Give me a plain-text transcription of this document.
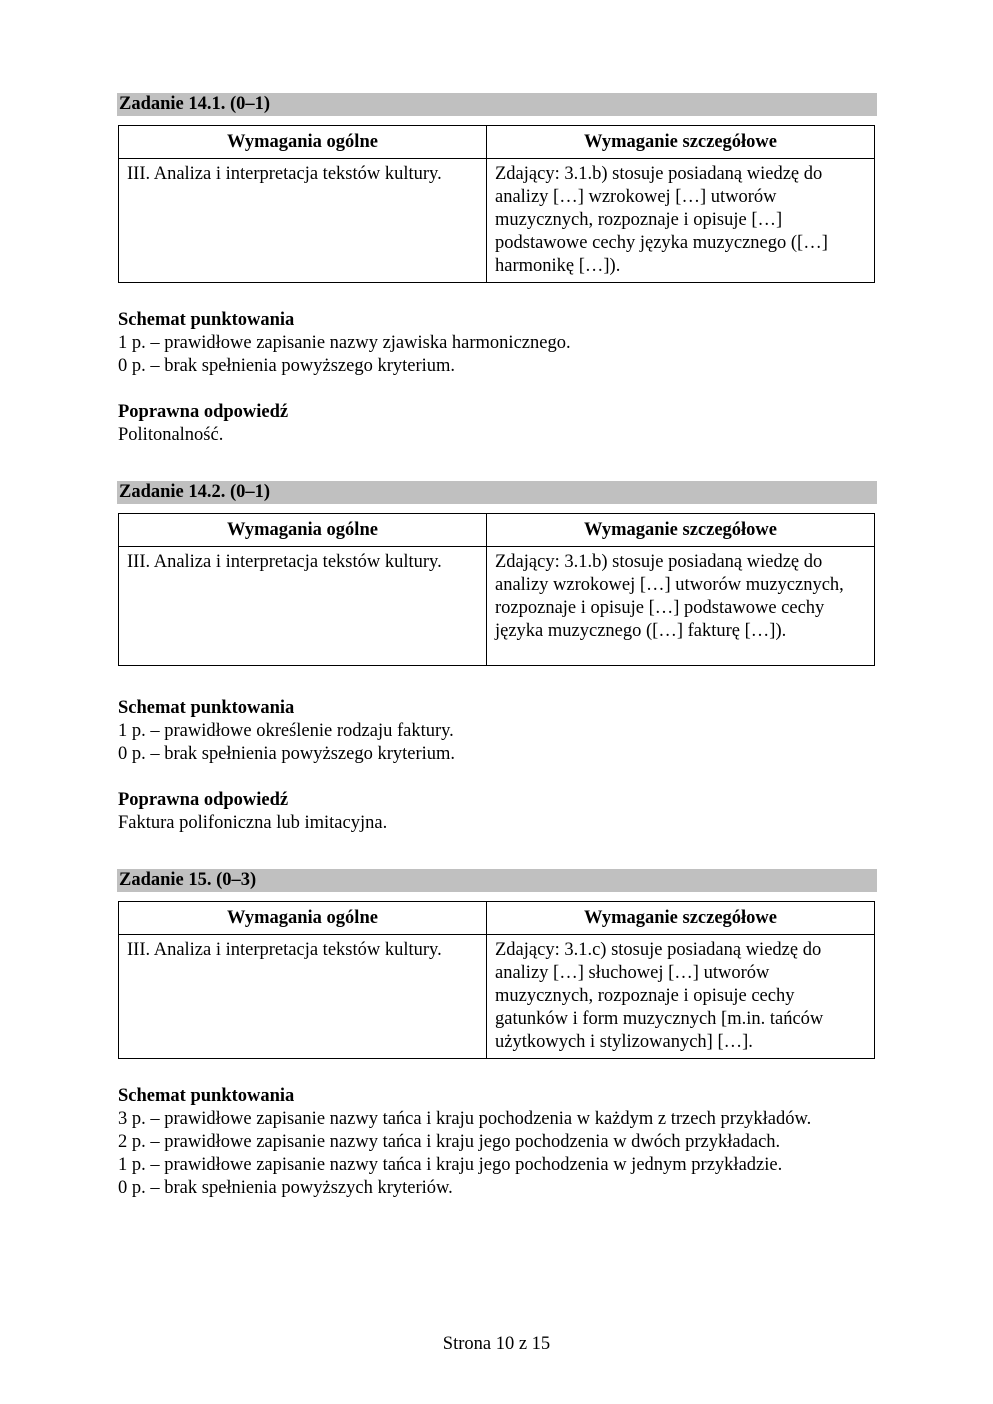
Zadanie 14.1. (0–1)
Wymagania ogólne	Wymaganie szczegółowe
III. Analiza i interpretacja tekstów kultury.	Zdający: 3.1.b) stosuje posiadaną wiedzę do analizy […] wzrokowej […] utworów muzycznych, rozpoznaje i opisuje […] podstawowe cechy języka muzycznego ([…] harmonikę […]).
Schemat punktowania
1 p. – prawidłowe zapisanie nazwy zjawiska harmonicznego.
0 p. – brak spełnienia powyższego kryterium.
Poprawna odpowiedź
Politonalność.
Zadanie 14.2. (0–1)
Wymagania ogólne	Wymaganie szczegółowe
III. Analiza i interpretacja tekstów kultury.	Zdający: 3.1.b) stosuje posiadaną wiedzę do analizy wzrokowej […] utworów muzycznych, rozpoznaje i opisuje […] podstawowe cechy języka muzycznego ([…] fakturę […]).
Schemat punktowania
1 p. – prawidłowe określenie rodzaju faktury.
0 p. – brak spełnienia powyższego kryterium.
Poprawna odpowiedź
Faktura polifoniczna lub imitacyjna.
Zadanie 15. (0–3)
Wymagania ogólne	Wymaganie szczegółowe
III. Analiza i interpretacja tekstów kultury.	Zdający: 3.1.c) stosuje posiadaną wiedzę do analizy […] słuchowej […] utworów muzycznych, rozpoznaje i opisuje cechy gatunków i form muzycznych [m.in. tańców użytkowych i stylizowanych] […].
Schemat punktowania
3 p. – prawidłowe zapisanie nazwy tańca i kraju pochodzenia w każdym z trzech przykładów.
2 p. – prawidłowe zapisanie nazwy tańca i kraju jego pochodzenia w dwóch przykładach.
1 p. – prawidłowe zapisanie nazwy tańca i kraju jego pochodzenia w jednym przykładzie.
0 p. – brak spełnienia powyższych kryteriów.
Strona 10 z 15
